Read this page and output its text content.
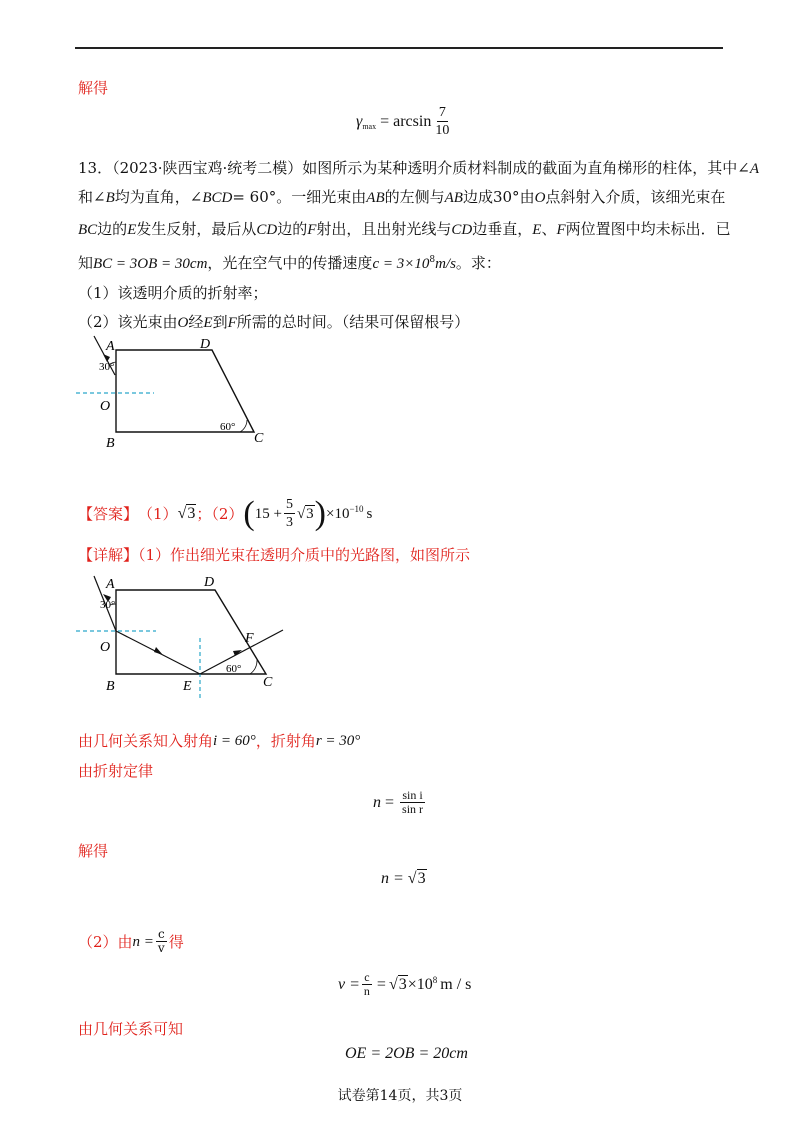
解得
$\gamma_{max} = \arcsin \frac{7}{10}$
13．（2023·陕西宝鸡·统考二模）如图所示为某种透明介质材料制成的截面为直角梯形的柱体，其中∠A
和∠B均为直角，∠BCD= 60°。一细光束由AB的左侧与AB边成30°由O点斜射入介质，该细光束在
BC边的E发生反射，最后从CD边的F射出，且出射光线与CD边垂直，E、F两位置图中均未标出．已
知BC = 3OB = 30cm，光在空气中的传播速度$c = 3\times 10^8m/s$。求：
（1）该透明介质的折射率；
（2）该光束由O经E到F所需的总时间。（结果可保留根号）
A	D
O
B	C
30°
60°
【答案】 （1） √3 ；（2） ( $15 + \frac{5}{3} √3$ ) $\times 10^{-10}$ s
【详解】（1）作出细光束在透明介质中的光路图，如图所示
A	D
O
B	E
F
C
30°
60°
由几何关系知入射角 i = 60° ，折射角 r = 30°
由折射定律
$n = \frac{\text{sin i}}{\text{sin r}}$
解得
n = √3
（2）由 $n = \frac{c}{v}$ 得
$v = \frac{c}{n} = √3 \times 10^8$ m / s
由几何关系可知
OE = 2OB = 20cm
试卷第14页，共3页
